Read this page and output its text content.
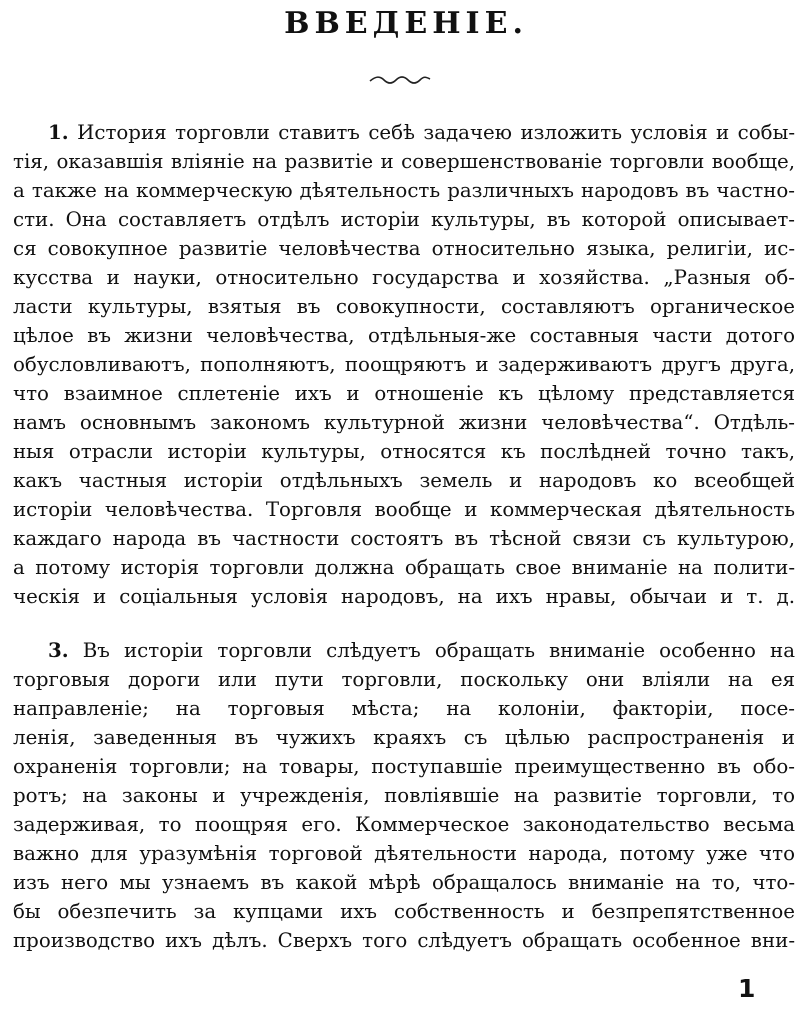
ВВЕДЕНІЕ.

1. История торговли ставитъ себѣ задачею изложить условія и собы-

тія, оказавшія вліяніе на развитіе и совершенствованіе торговли вообще,

а также на коммерческую дѣятельность различныхъ народовъ въ частно-

сти. Она составляетъ отдѣлъ исторіи культуры, въ которой описывает-

ся совокупное развитіе человѣчества относительно языка, религіи, ис-

кусства и науки, относительно государства и хозяйства. „Разныя об-

ласти культуры, взятыя въ совокупности, составляютъ органическое

цѣлое въ жизни человѣчества, отдѣльныя-же составныя части дотого

обусловливаютъ, пополняютъ, поощряютъ и задерживаютъ другъ друга,

что взаимное сплетеніе ихъ и отношеніе къ цѣлому представляется

намъ основнымъ закономъ культурной жизни человѣчества“. Отдѣль-

ныя отрасли исторіи культуры, относятся къ послѣдней точно такъ,

какъ частныя исторіи отдѣльныхъ земель и народовъ ко всеобщей

исторіи человѣчества. Торговля вообще и коммерческая дѣятельность

каждаго народа въ частности состоятъ въ тѣсной связи съ культурою,

а потому исторія торговли должна обращать свое вниманіе на полити-

ческія и соціальныя условія народовъ, на ихъ нравы, обычаи и т. д.

3. Въ исторіи торговли слѣдуетъ обращать вниманіе особенно на

торговыя дороги или пути торговли, поскольку они вліяли на ея

направленіе; на торговыя мѣста; на колоніи, факторіи, посе-

ленія, заведенныя въ чужихъ краяхъ съ цѣлью распространенія и

охраненія торговли; на товары, поступавшіе преимущественно въ обо-

ротъ; на законы и учрежденія, повліявшіе на развитіе торговли, то

задерживая, то поощряя его. Коммерческое законодательство весьма

важно для уразумѣнія торговой дѣятельности народа, потому уже что

изъ него мы узнаемъ въ какой мѣрѣ обращалось вниманіе на то, что-

бы обезпечить за купцами ихъ собственность и безпрепятственное

производство ихъ дѣлъ. Сверхъ того слѣдуетъ обращать особенное вни-

1
